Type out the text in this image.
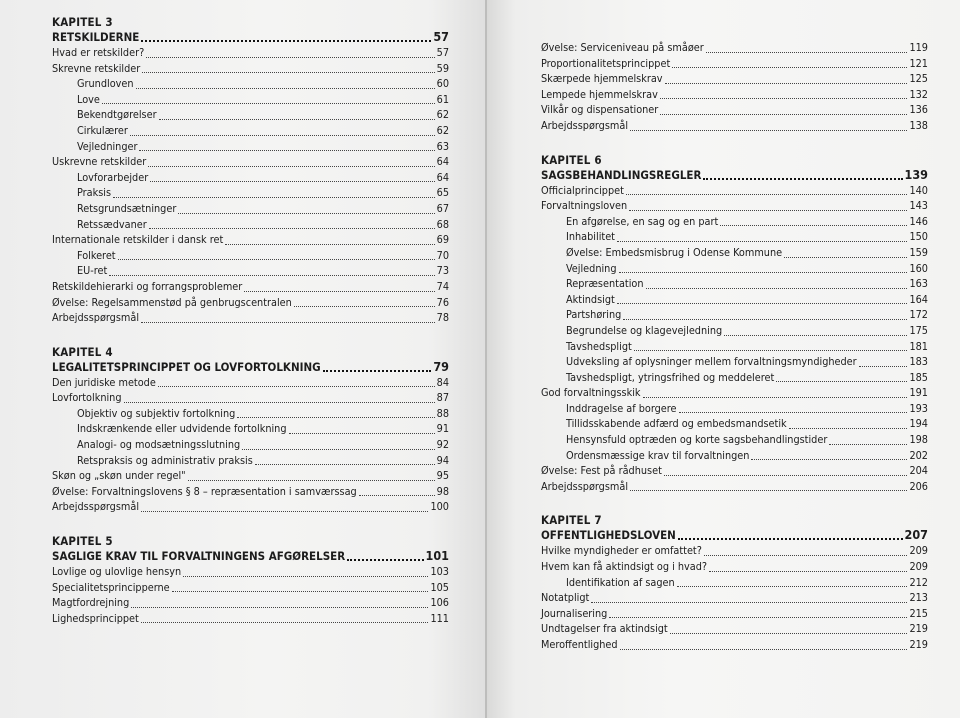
KAPITEL 3
RETSKILDERNE	57
Hvad er retskilder?	57
Skrevne retskilder	59
Grundloven	60
Love	61
Bekendtgørelser	62
Cirkulærer	62
Vejledninger	63
Uskrevne retskilder	64
Lovforarbejder	64
Praksis	65
Retsgrundsætninger	67
Retssædvaner	68
Internationale retskilder i dansk ret	69
Folkeret	70
EU-ret	73
Retskildehierarki og forrangsproblemer	74
Øvelse: Regelsammenstød på genbrugscentralen	76
Arbejdsspørgsmål	78
KAPITEL 4
LEGALITETSPRINCIPPET OG LOVFORTOLKNING	79
Den juridiske metode	84
Lovfortolkning	87
Objektiv og subjektiv fortolkning	88
Indskrænkende eller udvidende fortolkning	91
Analogi- og modsætningsslutning	92
Retspraksis og administrativ praksis	94
Skøn og „skøn under regel"	95
Øvelse: Forvaltningslovens § 8 – repræsentation i samværssag	98
Arbejdsspørgsmål	100
KAPITEL 5
SAGLIGE KRAV TIL FORVALTNINGENS AFGØRELSER	101
Lovlige og ulovlige hensyn	103
Specialitetsprincipperne	105
Magtfordrejning	106
Lighedsprincippet	111
Øvelse: Serviceniveau på småøer	119
Proportionalitetsprincippet	121
Skærpede hjemmelskrav	125
Lempede hjemmelskrav	132
Vilkår og dispensationer	136
Arbejdsspørgsmål	138
KAPITEL 6
SAGSBEHANDLINGSREGLER	139
Officialprincippet	140
Forvaltningsloven	143
En afgørelse, en sag og en part	146
Inhabilitet	150
Øvelse: Embedsmisbrug i Odense Kommune	159
Vejledning	160
Repræsentation	163
Aktindsigt	164
Partshøring	172
Begrundelse og klagevejledning	175
Tavshedspligt	181
Udveksling af oplysninger mellem forvaltningsmyndigheder	183
Tavshedspligt, ytringsfrihed og meddeleret	185
God forvaltningsskik	191
Inddragelse af borgere	193
Tillidsskabende adfærd og embedsmandsetik	194
Hensynsfuld optræden og korte sagsbehandlingstider	198
Ordensmæssige krav til forvaltningen	202
Øvelse: Fest på rådhuset	204
Arbejdsspørgsmål	206
KAPITEL 7
OFFENTLIGHEDSLOVEN	207
Hvilke myndigheder er omfattet?	209
Hvem kan få aktindsigt og i hvad?	209
Identifikation af sagen	212
Notatpligt	213
Journalisering	215
Undtagelser fra aktindsigt	219
Meroffentlighed	219
